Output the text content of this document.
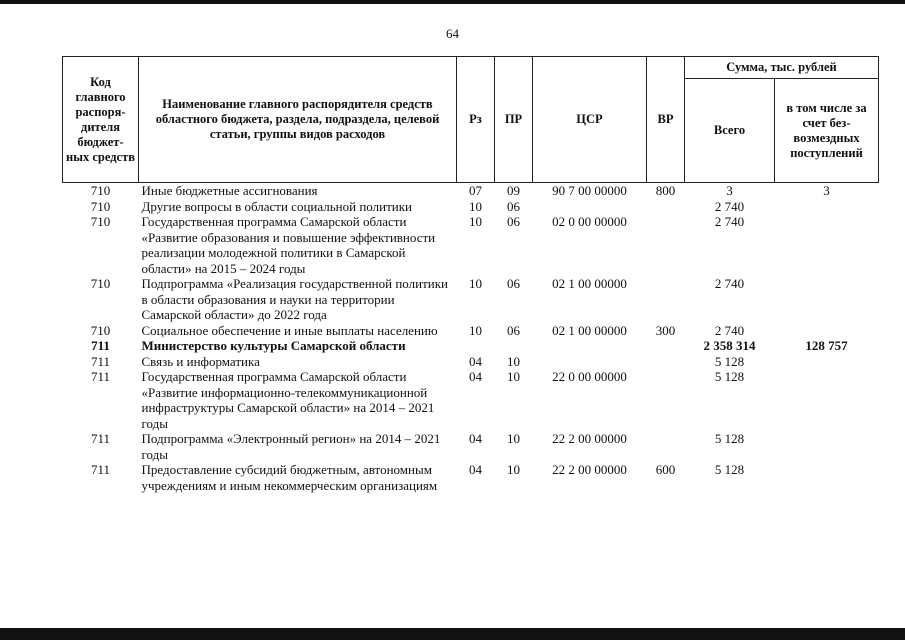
64
Код главного распоря-дителя бюджет-ных средств	Наименование главного распорядителя средств областного бюджета, раздела, подраздела, целевой статьи, группы видов расходов	Рз	ПР	ЦСР	ВР	Сумма, тыс. рублей	
						Всего	в том числе за счет без-возмездных поступлений
710	Иные бюджетные ассигнования	07	09	90 7 00 00000	800	3	3
710	Другие вопросы в области социальной политики	10	06			2 740	
710	Государственная программа Самарской области «Развитие образования и повышение эффективности реализации молодежной политики в Самарской области» на 2015 – 2024 годы	10	06	02 0 00 00000		2 740	
710	Подпрограмма «Реализация государственной политики в области образования и науки на территории Самарской области» до 2022 года	10	06	02 1 00 00000		2 740	
710	Социальное обеспечение и иные выплаты населению	10	06	02 1 00 00000	300	2 740	
711	Министерство культуры Самарской области					2 358 314	128 757
711	Связь и информатика	04	10			5 128	
711	Государственная программа Самарской области «Развитие информационно-телекоммуникационной инфраструктуры Самарской области» на 2014 – 2021 годы	04	10	22 0 00 00000		5 128	
711	Подпрограмма «Электронный регион» на 2014 – 2021 годы	04	10	22 2 00 00000		5 128	
711	Предоставление субсидий бюджетным, автономным учреждениям и иным некоммерческим организациям	04	10	22 2 00 00000	600	5 128	
